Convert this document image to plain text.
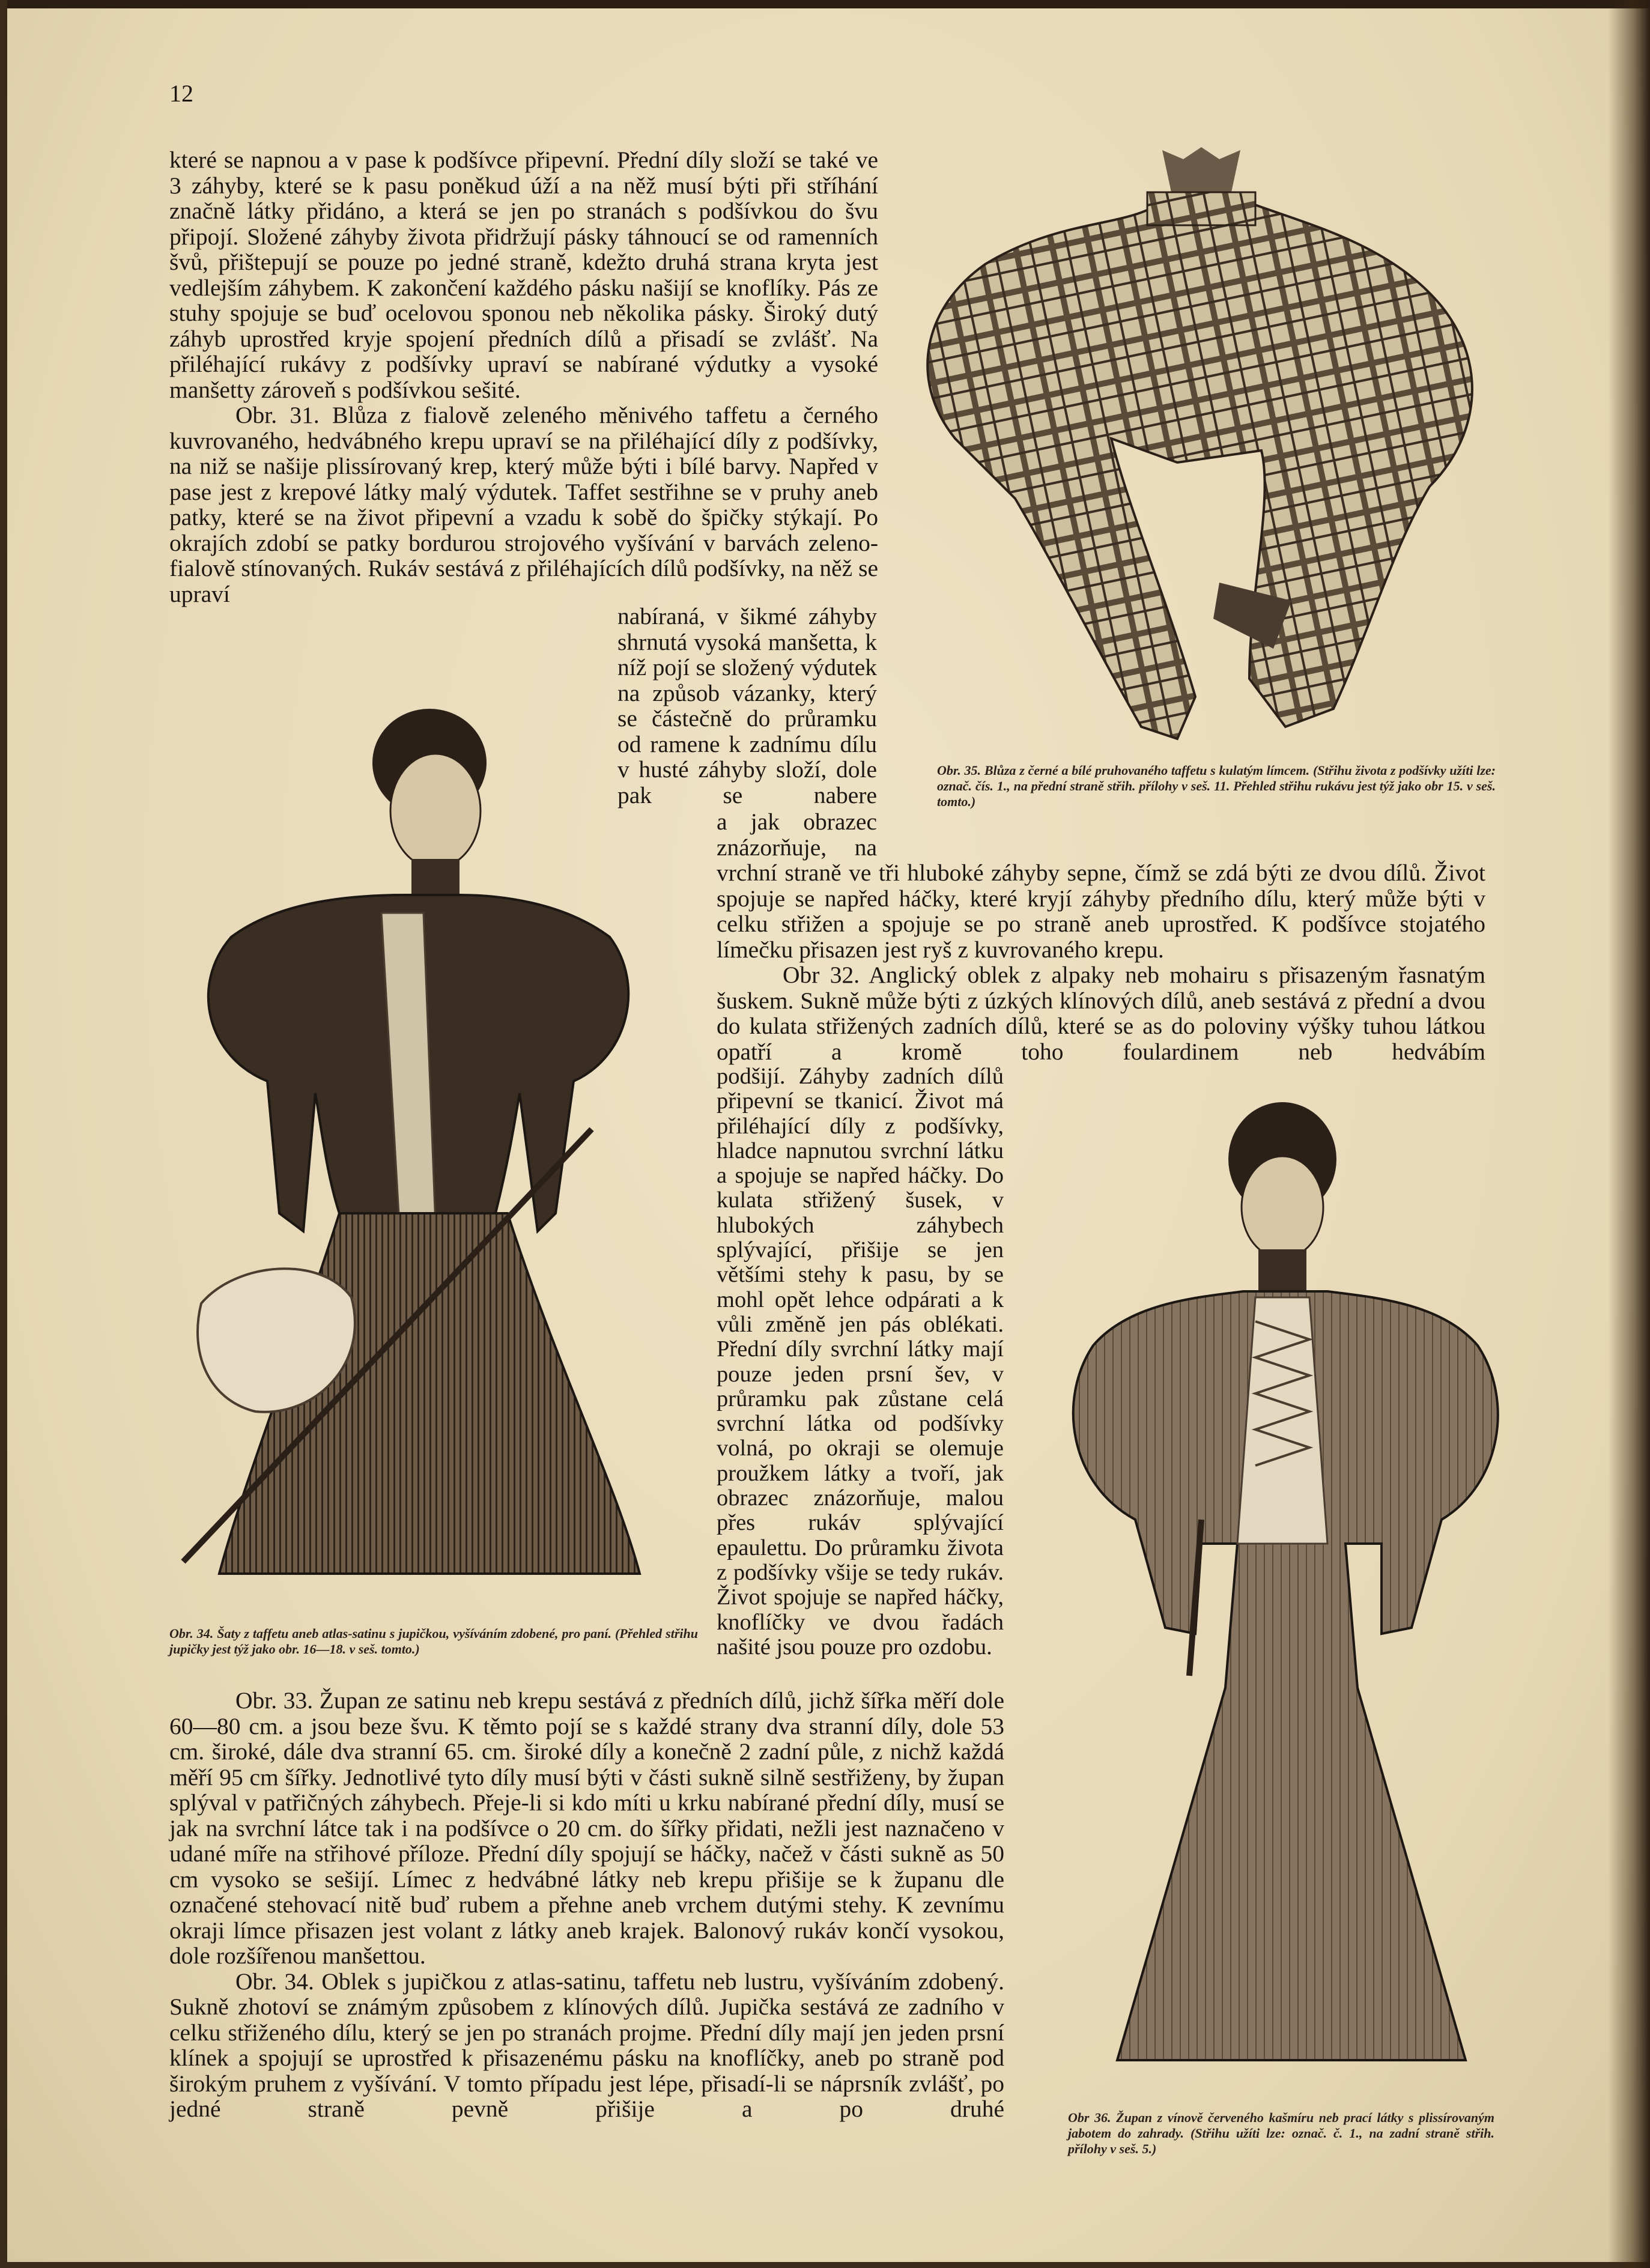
12

které se napnou a v pase k podšívce připevní. Přední díly složí se také ve 3 záhyby, které se k pasu poněkud úží a na něž musí býti při stříhání značně látky přidáno, a která se jen po stranách s podšívkou do švu připojí. Složené záhyby života přidržují pásky táhnoucí se od ramenních švů, přištepují se pouze po jedné straně, kdežto druhá strana kryta jest vedlejším záhybem. K zakončení každého pásku našijí se knoflíky. Pás ze stuhy spojuje se buď ocelovou sponou neb několika pásky. Široký dutý záhyb uprostřed kryje spojení předních dílů a přisadí se zvlášť. Na přiléhající rukávy z podšívky upraví se nabírané výdutky a vysoké manšetty zároveň s podšívkou sešité.

Obr. 31. Blůza z fialově zeleného měnivého taffetu a černého kuvrovaného, hedvábného krepu upraví se na přiléhající díly z podšívky, na niž se našije plissírovaný krep, který může býti i bílé barvy. Napřed v pase jest z krepové látky malý výdutek. Taffet sestřihne se v pruhy aneb patky, které se na život připevní a vzadu k sobě do špičky stýkají. Po okrajích zdobí se patky bordurou strojového vyšívání v barvách zeleno-fialově stínovaných. Rukáv sestává z přiléhajících dílů podšívky, na něž se upraví

nabíraná, v šikmé záhyby shrnutá vysoká manšetta, k níž pojí se složený výdutek na způsob vázanky, který se částečně do průramku od ramene k zadnímu dílu v husté záhyby složí, dole pak se nabere

a jak obrazec znázorňuje, na

vrchní straně ve tři hluboké záhyby sepne, čímž se zdá býti ze dvou dílů. Život spojuje se napřed háčky, které kryjí záhyby předního dílu, který může býti v celku střižen a spojuje se po straně aneb uprostřed. K podšívce stojatého límečku přisazen jest ryš z kuvrovaného krepu.

Obr 32. Anglický oblek z alpaky neb mohairu s přisazeným řasnatým šuskem. Sukně může býti z úzkých klínových dílů, aneb sestává z přední a dvou do kulata střižených zadních dílů, které se as do poloviny výšky tuhou látkou opatří a kromě toho foulardinem neb hedvábím

podšijí. Záhyby zadních dílů připevní se tkanicí. Život má přiléhající díly z podšívky, hladce napnutou svrchní látku a spojuje se napřed háčky. Do kulata střižený šusek, v hlubokých záhybech splývající, přišije se jen většími stehy k pasu, by se mohl opět lehce odpárati a k vůli změně jen pás oblékati. Přední díly svrchní látky mají pouze jeden prsní šev, v průramku pak zůstane celá svrchní látka od podšívky volná, po okraji se olemuje proužkem látky a tvoří, jak obrazec znázorňuje, malou přes rukáv splývající epaulettu. Do průramku života z podšívky všije se tedy rukáv. Život spojuje se napřed háčky, knoflíčky ve dvou řadách našité jsou pouze pro ozdobu.

Obr. 33. Župan ze satinu neb krepu sestává z předních dílů, jichž šířka měří dole 60—80 cm. a jsou beze švu. K těmto pojí se s každé strany dva stranní díly, dole 53 cm. široké, dále dva stranní 65. cm. široké díly a konečně 2 zadní půle, z nichž každá měří 95 cm šířky. Jednotlivé tyto díly musí býti v části sukně silně sestřiženy, by župan splýval v patřičných záhybech. Přeje-li si kdo míti u krku nabírané přední díly, musí se jak na svrchní látce tak i na podšívce o 20 cm. do šířky přidati, nežli jest naznačeno v udané míře na střihové příloze. Přední díly spojují se háčky, načež v části sukně as 50 cm vysoko se sešijí. Límec z hedvábné látky neb krepu přišije se k županu dle označené stehovací nitě buď rubem a přehne aneb vrchem dutými stehy. K zevnímu okraji límce přisazen jest volant z látky aneb krajek. Balonový rukáv končí vysokou, dole rozšířenou manšettou.

Obr. 34. Oblek s jupičkou z atlas-satinu, taffetu neb lustru, vyšíváním zdobený. Sukně zhotoví se známým způsobem z klínových dílů. Jupička sestává ze zadního v celku střiženého dílu, který se jen po stranách projme. Přední díly mají jen jeden prsní klínek a spojují se uprostřed k přisazenému pásku na knoflíčky, aneb po straně pod širokým pruhem z vyšívání. V tomto případu jest lépe, přisadí-li se náprsník zvlášť, po jedné straně pevně přišije a po druhé

Obr. 35. Blůza z černé a bílé pruhovaného taffetu s kulatým límcem. (Střihu života z podšívky užíti lze: označ. čís. 1., na přední straně střih. přílohy v seš. 11. Přehled střihu rukávu jest týž jako obr 15. v seš. tomto.)
Obr. 34. Šaty z taffetu aneb atlas-satinu s jupičkou, vyšíváním zdobené, pro paní. (Přehled střihu jupičky jest týž jako obr. 16—18. v seš. tomto.)
Obr 36. Župan z vínově červeného kašmíru neb prací látky s plissírovaným jabotem do zahrady. (Střihu užíti lze: označ. č. 1., na zadní straně střih. přílohy v seš. 5.)
